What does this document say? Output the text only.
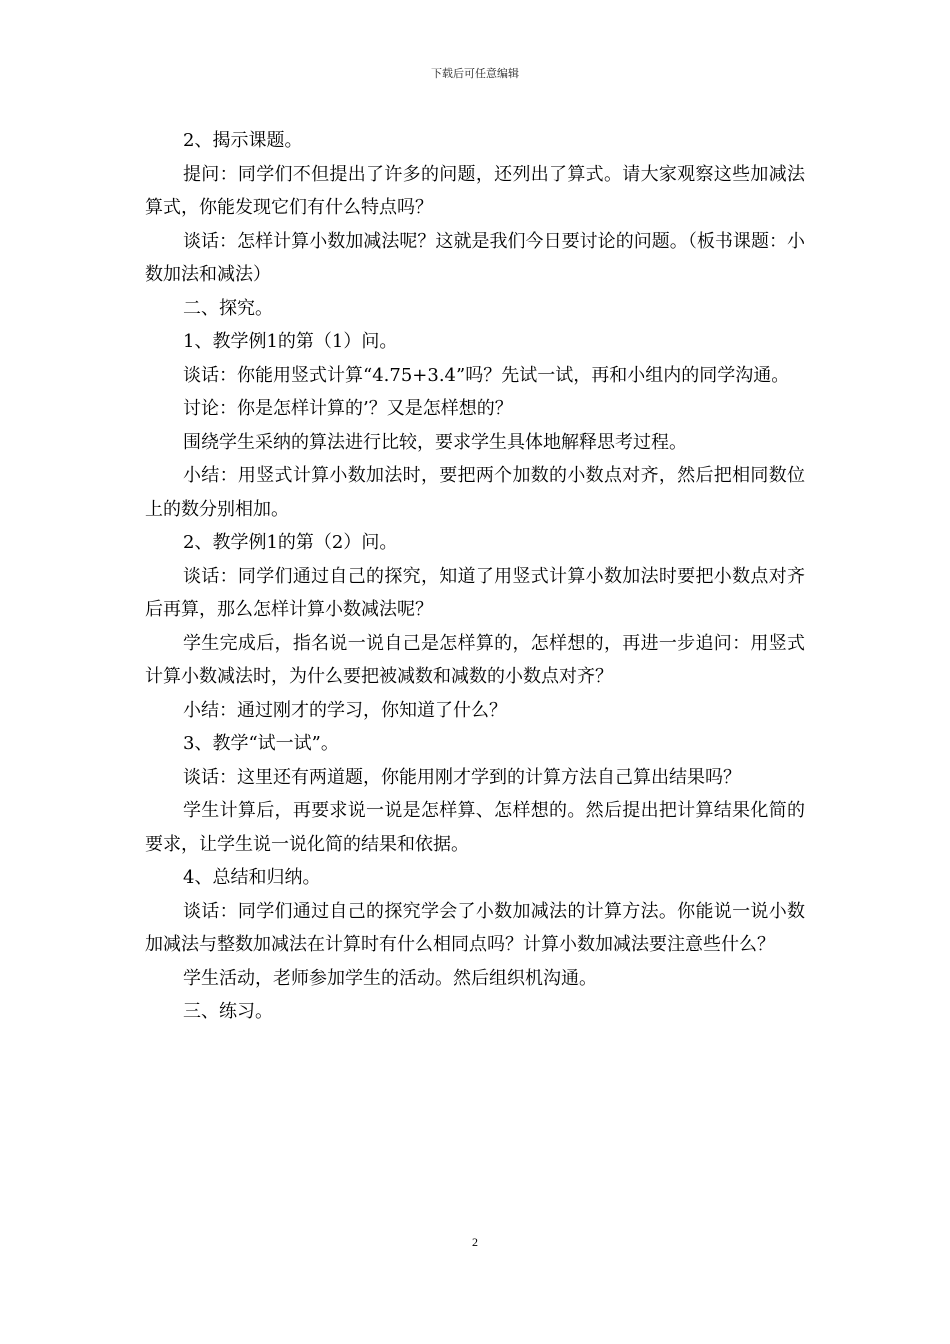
下载后可任意编辑

2、揭示课题。

提问：同学们不但提出了许多的问题，还列出了算式。请大家观察这些加减法算式，你能发现它们有什么特点吗？

谈话：怎样计算小数加减法呢？这就是我们今日要讨论的问题。（板书课题：小数加法和减法）

二、探究。

1、教学例1的第（1）问。

谈话：你能用竖式计算“4.75+3.4”吗？先试一试，再和小组内的同学沟通。

讨论：你是怎样计算的’？又是怎样想的？

围绕学生采纳的算法进行比较，要求学生具体地解释思考过程。

小结：用竖式计算小数加法时，要把两个加数的小数点对齐，然后把相同数位上的数分别相加。

2、教学例1的第（2）问。

谈话：同学们通过自己的探究，知道了用竖式计算小数加法时要把小数点对齐后再算，那么怎样计算小数减法呢？

学生完成后，指名说一说自己是怎样算的，怎样想的，再进一步追问：用竖式计算小数减法时，为什么要把被减数和减数的小数点对齐？

小结：通过刚才的学习，你知道了什么？

3、教学“试一试”。

谈话：这里还有两道题，你能用刚才学到的计算方法自己算出结果吗？

学生计算后，再要求说一说是怎样算、怎样想的。然后提出把计算结果化简的要求，让学生说一说化简的结果和依据。

4、总结和归纳。

谈话：同学们通过自己的探究学会了小数加减法的计算方法。你能说一说小数加减法与整数加减法在计算时有什么相同点吗？计算小数加减法要注意些什么？

学生活动，老师参加学生的活动。然后组织机沟通。

三、练习。

2
